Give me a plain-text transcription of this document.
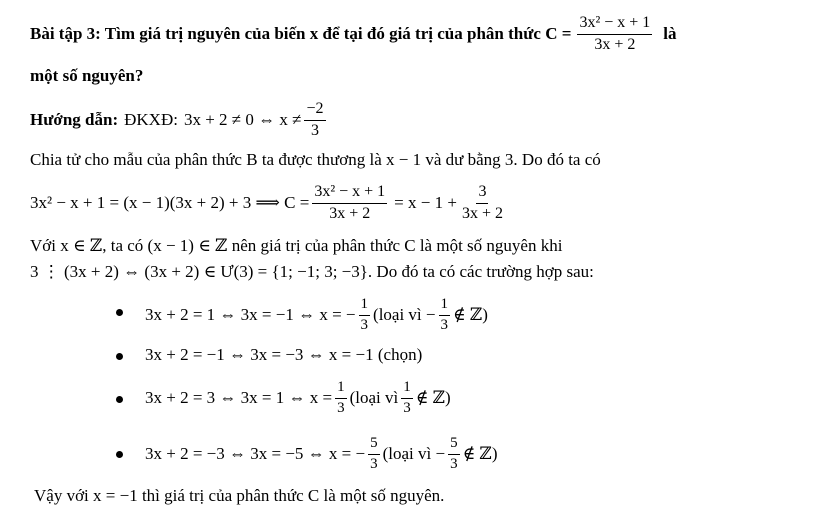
Bài tập 3: Tìm giá trị nguyên của biến x để tại đó giá trị của phân thức $C = \frac{\text{3x² − x + 1}}{3x + 2}$ là
một số nguyên?
Hướng dẫn: ĐKXĐ: 3x + 2 ≠ 0 ⇔ $x \ne \frac{-2}{3}$
Chia tử cho mẫu của phân thức B ta được thương là x − 1 và dư bằng 3. Do đó ta có
3x² − x + 1 = (x − 1)(3x + 2) + 3 ⟹ $C = \frac{\text{3x² − x + 1}}{3x + 2} = x - 1 + \frac{3}{3x + 2}$
Với x ∈ ℤ, ta có (x − 1) ∈ ℤ nên giá trị của phân thức C là một số nguyên khi
3 ⋮ (3x + 2) ⇔ (3x + 2) ∈ Ư(3) = {1; −1; 3; −3}. Do đó ta có các trường hợp sau:
3x + 2 = 1 ⇔ 3x = −1 ⇔ x = − $\frac{1}{3}$ (loại vì − $\frac{1}{3}$ ∉ ℤ)
3x + 2 = −1 ⇔ 3x = −3 ⇔ x = −1 (chọn)
3x + 2 = 3 ⇔ 3x = 1 ⇔ $x = \frac{1}{3}$ (loại vì $\frac{1}{3}$ ∉ ℤ)
3x + 2 = −3 ⇔ 3x = −5 ⇔ x = − $\frac{5}{3}$ (loại vì − $\frac{5}{3}$ ∉ ℤ)
Vậy với x = −1 thì giá trị của phân thức C là một số nguyên.
